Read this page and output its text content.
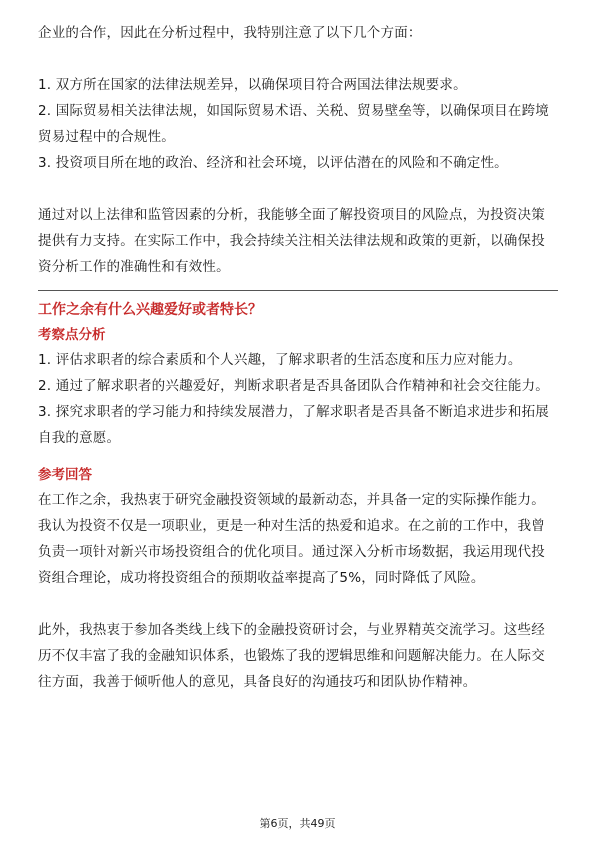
企业的合作，因此在分析过程中，我特别注意了以下几个方面：

1. 双方所在国家的法律法规差异，以确保项目符合两国法律法规要求。

2. 国际贸易相关法律法规，如国际贸易术语、关税、贸易壁垒等，以确保项目在跨境贸易过程中的合规性。

3. 投资项目所在地的政治、经济和社会环境，以评估潜在的风险和不确定性。

通过对以上法律和监管因素的分析，我能够全面了解投资项目的风险点，为投资决策提供有力支持。在实际工作中，我会持续关注相关法律法规和政策的更新，以确保投资分析工作的准确性和有效性。

工作之余有什么兴趣爱好或者特长？
考察点分析

1. 评估求职者的综合素质和个人兴趣，了解求职者的生活态度和压力应对能力。

2. 通过了解求职者的兴趣爱好，判断求职者是否具备团队合作精神和社会交往能力。

3. 探究求职者的学习能力和持续发展潜力，了解求职者是否具备不断追求进步和拓展自我的意愿。

参考回答

在工作之余，我热衷于研究金融投资领域的最新动态，并具备一定的实际操作能力。我认为投资不仅是一项职业，更是一种对生活的热爱和追求。在之前的工作中，我曾负责一项针对新兴市场投资组合的优化项目。通过深入分析市场数据，我运用现代投资组合理论，成功将投资组合的预期收益率提高了5%，同时降低了风险。

此外，我热衷于参加各类线上线下的金融投资研讨会，与业界精英交流学习。这些经历不仅丰富了我的金融知识体系，也锻炼了我的逻辑思维和问题解决能力。在人际交往方面，我善于倾听他人的意见，具备良好的沟通技巧和团队协作精神。

第6页，共49页
